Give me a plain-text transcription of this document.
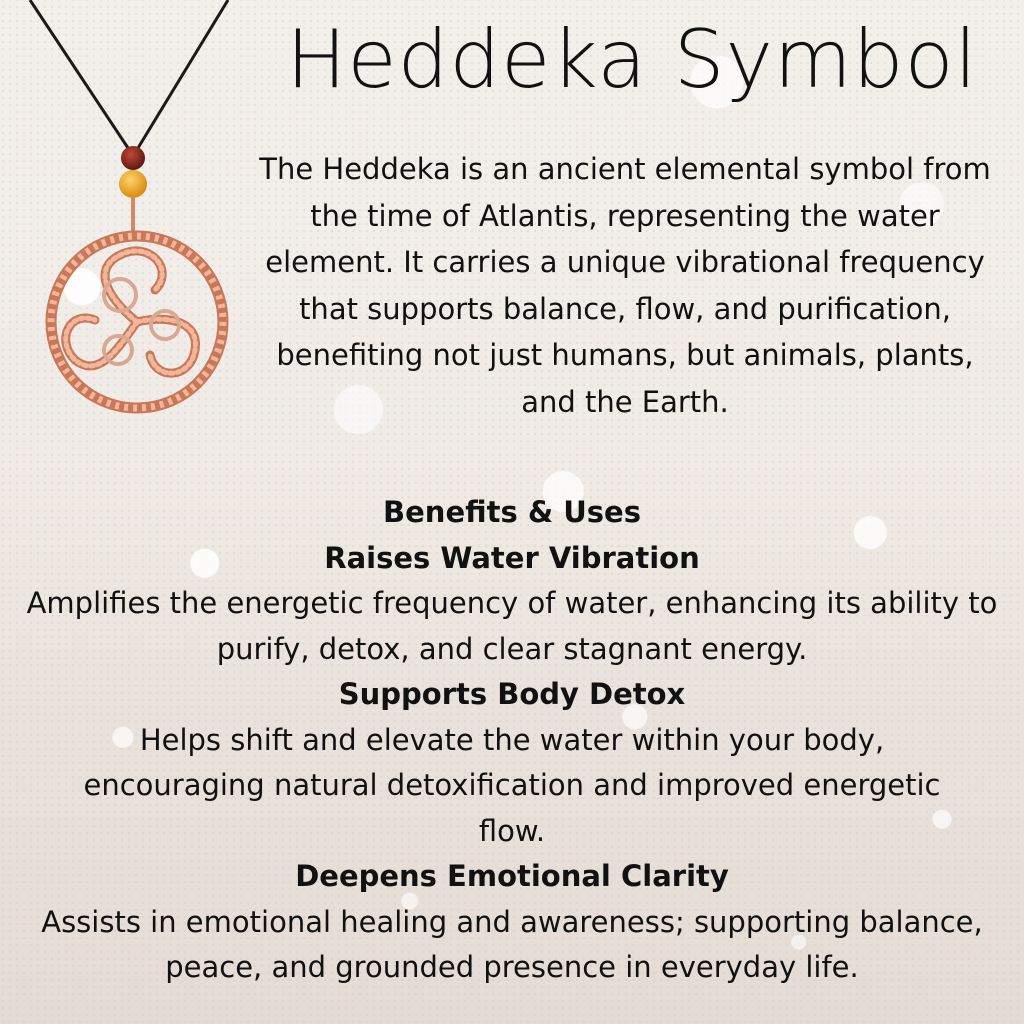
Heddeka Symbol
The Heddeka is an ancient elemental symbol from the time of Atlantis, representing the water element. It carries a unique vibrational frequency that supports balance, flow, and purification, benefiting not just humans, but animals, plants, and the Earth.

Benefits & Uses

Raises Water Vibration

Amplifies the energetic frequency of water, enhancing its ability to purify, detox, and clear stagnant energy.

Supports Body Detox

Helps shift and elevate the water within your body, encouraging natural detoxification and improved energetic flow.

Deepens Emotional Clarity

Assists in emotional healing and awareness; supporting balance, peace, and grounded presence in everyday life.
